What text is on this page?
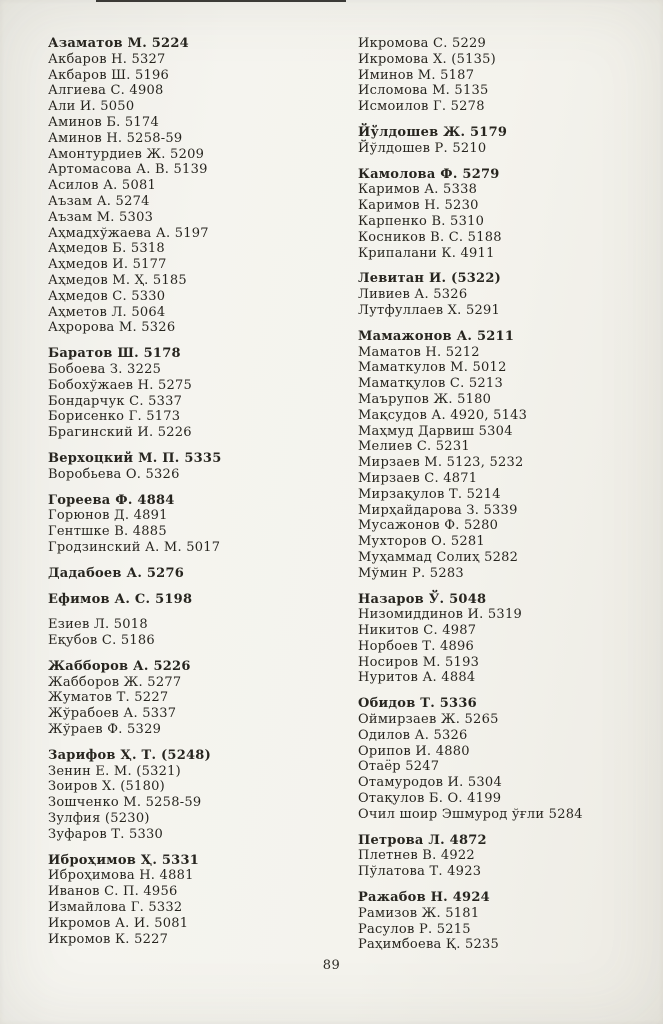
Азаматов М. 5224
Акбаров Н. 5327
Акбаров Ш. 5196
Алгиева С. 4908
Али И. 5050
Аминов Б. 5174
Аминов Н. 5258-59
Амонтурдиев Ж. 5209
Артомасова А. В. 5139
Асилов А. 5081
Аъзам А. 5274
Аъзам М. 5303
Аҳмадхўжаева А. 5197
Аҳмедов Б. 5318
Аҳмедов И. 5177
Аҳмедов М. Ҳ. 5185
Аҳмедов С. 5330
Аҳметов Л. 5064
Аҳророва М. 5326
Баратов Ш. 5178
Бобоева З. 3225
Бобохўжаев Н. 5275
Бондарчук С. 5337
Борисенко Г. 5173
Брагинский И. 5226
Верхоцкий М. П. 5335
Воробьева О. 5326
Гореева Ф. 4884
Горюнов Д. 4891
Гентшке В. 4885
Гродзинский А. М. 5017
Дадабоев А. 5276
Ефимов А. С. 5198
Езиев Л. 5018
Еқубов С. 5186
Жабборов А. 5226
Жабборов Ж. 5277
Жуматов Т. 5227
Жўрабоев А. 5337
Жўраев Ф. 5329
Зарифов Ҳ. Т. (5248)
Зенин Е. М. (5321)
Зоиров Х. (5180)
Зошченко М. 5258-59
Зулфия (5230)
Зуфаров Т. 5330
Иброҳимов Ҳ. 5331
Иброҳимова Н. 4881
Иванов С. П. 4956
Измайлова Г. 5332
Икромов А. И. 5081
Икромов К. 5227
Икромова С. 5229
Икромова Х. (5135)
Иминов М. 5187
Исломова М. 5135
Исмоилов Г. 5278
Йўлдошев Ж. 5179
Йўлдошев Р. 5210
Камолова Ф. 5279
Каримов А. 5338
Каримов Н. 5230
Карпенко В. 5310
Косников В. С. 5188
Крипалани К. 4911
Левитан И. (5322)
Ливиев А. 5326
Лутфуллаев Х. 5291
Мамажонов А. 5211
Маматов Н. 5212
Маматкулов М. 5012
Маматқулов С. 5213
Маърупов Ж. 5180
Мақсудов А. 4920, 5143
Маҳмуд Дарвиш 5304
Мелиев С. 5231
Мирзаев М. 5123, 5232
Мирзаев С. 4871
Мирзақулов Т. 5214
Мирҳайдарова З. 5339
Мусажонов Ф. 5280
Мухторов О. 5281
Муҳаммад Солиҳ 5282
Мўмин Р. 5283
Назаров Ў. 5048
Низомиддинов И. 5319
Никитов С. 4987
Норбоев Т. 4896
Носиров М. 5193
Нуритов А. 4884
Обидов Т. 5336
Оймирзаев Ж. 5265
Одилов А. 5326
Орипов И. 4880
Отаёр 5247
Отамуродов И. 5304
Отақулов Б. О. 4199
Очил шоир Эшмурод ўғли 5284
Петрова Л. 4872
Плетнев В. 4922
Пўлатова Т. 4923
Ражабов Н. 4924
Рамизов Ж. 5181
Расулов Р. 5215
Раҳимбоева Қ. 5235
89
